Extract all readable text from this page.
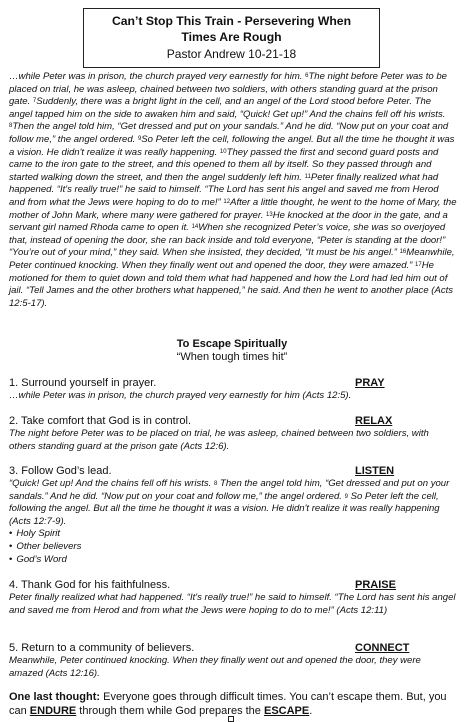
Can’t Stop This Train - Persevering When
Times Are Rough
Pastor Andrew 10-21-18
…while Peter was in prison, the church prayed very earnestly for him. $^6$The night before Peter was to be placed on trial, he was asleep, chained between two soldiers, with others standing guard at the prison gate. $^7$Suddenly, there was a bright light in the cell, and an angel of the Lord stood before Peter. The angel tapped him on the side to awaken him and said, “Quick! Get up!” And the chains fell off his wrists. $^8$Then the angel told him, “Get dressed and put on your sandals.” And he did. “Now put on your coat and follow me,” the angel ordered. $^9$So Peter left the cell, following the angel. But all the time he thought it was a vision. He didn't realize it was really happening. $^{10}$They passed the first and second guard posts and came to the iron gate to the street, and this opened to them all by itself. So they passed through and started walking down the street, and then the angel suddenly left him. $^{11}$Peter finally realized what had happened. “It's really true!” he said to himself. “The Lord has sent his angel and saved me from Herod and from what the Jews were hoping to do to me!” $^{12}$After a little thought, he went to the home of Mary, the mother of John Mark, where many were gathered for prayer. $^{13}$He knocked at the door in the gate, and a servant girl named Rhoda came to open it. $^{14}$When she recognized Peter’s voice, she was so overjoyed that, instead of opening the door, she ran back inside and told everyone, “Peter is standing at the door!” “You’re out of your mind,” they said. When she insisted, they decided, “It must be his angel.” $^{16}$Meanwhile, Peter continued knocking. When they finally went out and opened the door, they were amazed.” $^{17}$He motioned for them to quiet down and told them what had happened and how the Lord had led him out of jail. “Tell James and the other brothers what happened,” he said. And then he went to another place (Acts 12:5-17).
To Escape Spiritually
“When tough times hit”
1. Surround yourself in prayer.	PRAY
…while Peter was in prison, the church prayed very earnestly for him (Acts 12:5).
2. Take comfort that God is in control.	RELAX
The night before Peter was to be placed on trial, he was asleep, chained between two soldiers, with others standing guard at the prison gate (Acts 12:6).
3. Follow God’s lead.	LISTEN
“Quick! Get up! And the chains fell off his wrists. $^8$ Then the angel told him, “Get dressed and put on your sandals.” And he did. “Now put on your coat and follow me,” the angel ordered. $^9$ So Peter left the cell, following the angel. But all the time he thought it was a vision. He didn't realize it was really happening (Acts 12:7-9).
• Holy Spirit
• Other believers
• God’s Word
4. Thank God for his faithfulness.	PRAISE
Peter finally realized what had happened. “It's really true!” he said to himself. “The Lord has sent his angel and saved me from Herod and from what the Jews were hoping to do to me!” (Acts 12:11)
5. Return to a community of believers.	CONNECT
Meanwhile, Peter continued knocking. When they finally went out and opened the door, they were amazed (Acts 12:16).
One last thought: Everyone goes through difficult times. You can’t escape them. But, you can ENDURE through them while God prepares the ESCAPE.
